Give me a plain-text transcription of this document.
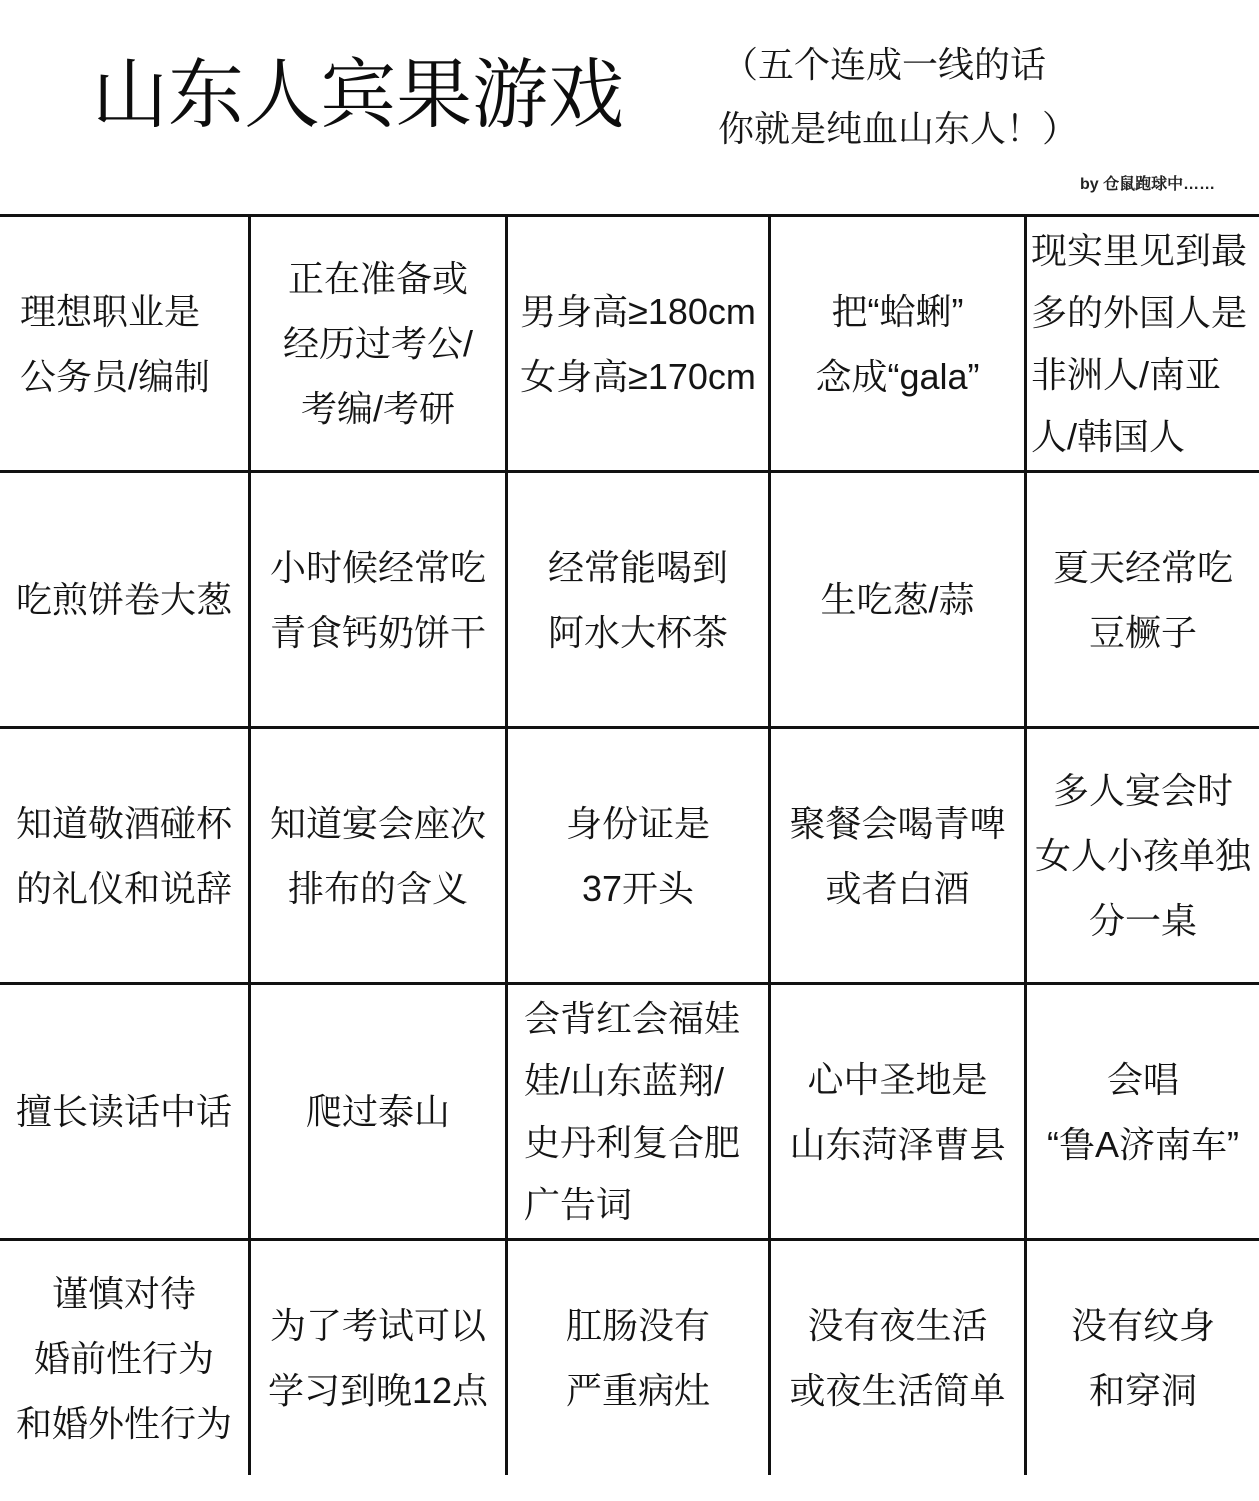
山东人宾果游戏	（五个连成一线的话
你就是纯血山东人！）
by 仓鼠跑球中……
理想职业是
公务员/编制
正在准备或
经历过考公/
考编/考研
男身高≥180cm
女身高≥170cm
把“蛤蜊”
念成“gala”
现实里见到最
多的外国人是
非洲人/南亚
人/韩国人
吃煎饼卷大葱
小时候经常吃
青食钙奶饼干
经常能喝到
阿水大杯茶
生吃葱/蒜
夏天经常吃
豆橛子
知道敬酒碰杯
的礼仪和说辞
知道宴会座次
排布的含义
身份证是
37开头
聚餐会喝青啤
或者白酒
多人宴会时
女人小孩单独
分一桌
擅长读话中话 爬过泰山
会背红会福娃
娃/山东蓝翔/
史丹利复合肥
广告词
心中圣地是
山东菏泽曹县
会唱
“鲁A济南车”
谨慎对待
婚前性行为
和婚外性行为
为了考试可以
学习到晚12点
肛肠没有
严重病灶
没有夜生活
或夜生活简单
没有纹身
和穿洞
